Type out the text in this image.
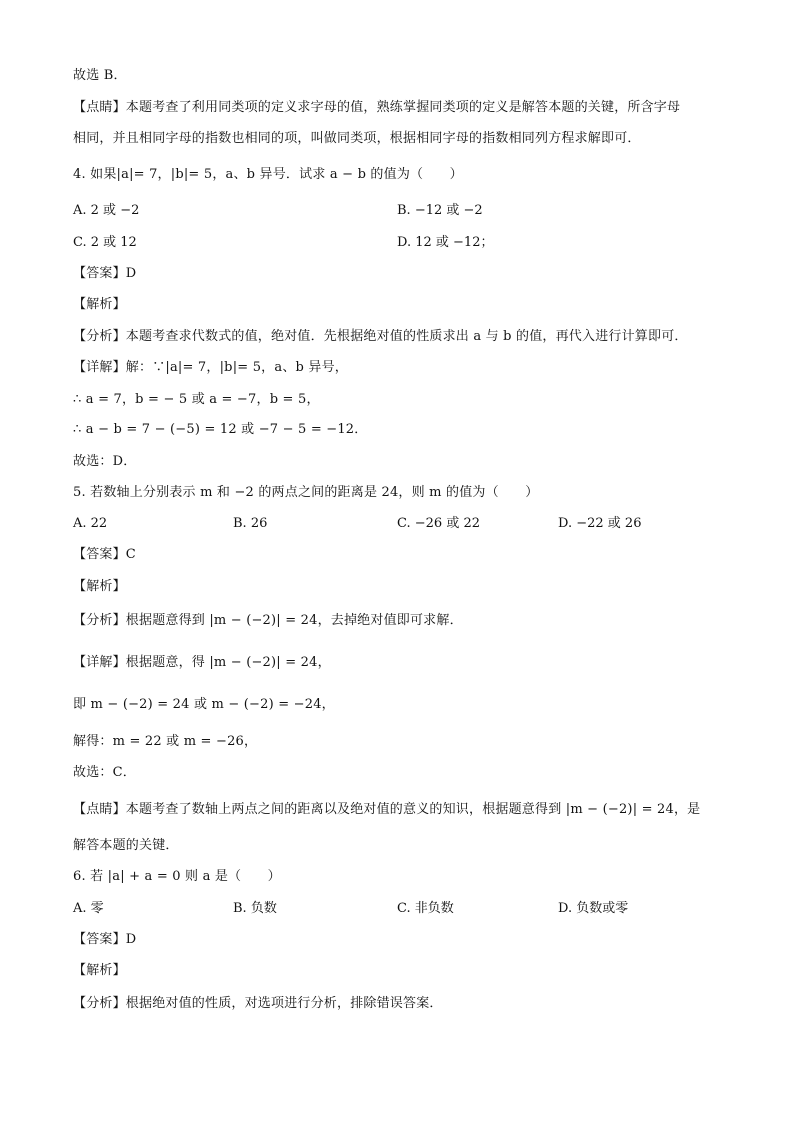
故选 B．
【点睛】本题考查了利用同类项的定义求字母的值，熟练掌握同类项的定义是解答本题的关键，所含字母
相同，并且相同字母的指数也相同的项，叫做同类项，根据相同字母的指数相同列方程求解即可．
4. 如果|a|= 7，|b|= 5，a、b 异号．试求 a − b 的值为（　　）
A. 2 或 −2	B. −12 或 −2
C. 2 或 12	D. 12 或 −12；
【答案】D
【解析】
【分析】本题考查求代数式的值，绝对值．先根据绝对值的性质求出 a 与 b 的值，再代入进行计算即可．
【详解】解：∵|a|= 7，|b|= 5，a、b 异号，
∴ a = 7，b = − 5 或 a = −7，b = 5，
∴ a − b = 7 − (−5) = 12 或 −7 − 5 = −12．
故选：D．
5. 若数轴上分别表示 m 和 −2 的两点之间的距离是 24，则 m 的值为（　　）
A. 22	B. 26	C. −26 或 22	D. −22 或 26
【答案】C
【解析】
【分析】根据题意得到 |m − (−2)| = 24，去掉绝对值即可求解．
【详解】根据题意，得 |m − (−2)| = 24，
即 m − (−2) = 24 或 m − (−2) = −24，
解得：m = 22 或 m = −26，
故选：C．
【点睛】本题考查了数轴上两点之间的距离以及绝对值的意义的知识，根据题意得到 |m − (−2)| = 24，是
解答本题的关键．
6. 若 |a| + a = 0 则 a 是（　　）
A. 零	B. 负数	C. 非负数	D. 负数或零
【答案】D
【解析】
【分析】根据绝对值的性质，对选项进行分析，排除错误答案．
